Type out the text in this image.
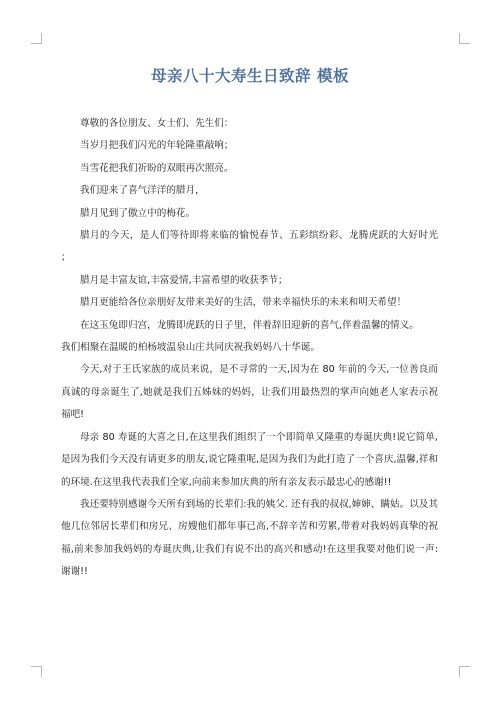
母亲八十大寿生日致辞 模板

尊敬的各位朋友、女士们、先生们：

当岁月把我们闪光的年轮隆重敲响；

当雪花把我们祈盼的双眼再次照亮。

我们迎来了喜气洋洋的腊月，

腊月见到了傲立中的梅花。

腊月的今天，是人们等待即将来临的愉悦春节、五彩缤纷彩、龙腾虎跃的大好时光 ；

腊月是丰富友谊,丰富爱情,丰富希望的收获季节；

腊月更能给各位亲朋好友带来美好的生活，带来幸福快乐的未来和明天希望！

在这玉兔即归宫，龙腾即虎跃的日子里，伴着辞旧迎新的喜气,伴着温馨的情义。

我们相聚在温暖的柏杨坡温泉山庄共同庆祝我妈妈八十华诞。

今天,对于王氏家族的成员来说，是不寻常的一天,因为在 80 年前的今天,一位善良而真诚的母亲诞生了,她就是我们五姊妹的妈妈，让我们用最热烈的掌声向她老人家表示祝福吧!

母亲 80 寿诞的大喜之日,在这里我们组织了一个即简单又隆重的寿诞庆典!说它简单,是因为我们今天没有请更多的朋友,说它隆重呢,是因为我们为此打造了一个喜庆,温馨,祥和的环境.在这里我代表我们全家,向前来参加庆典的所有亲友表示最忠心的感谢!!

我还要特别感谢今天所有到场的长辈们:我的姨父. 还有我的叔叔,婶婶、瞒姑。以及其他几位邻居长辈们和房兄、房嫂他们都年事已高,不辞辛苦和劳累,带着对我妈妈真挚的祝福,前来参加我妈妈的寿诞庆典,让我们有说不出的高兴和感动!在这里我要对他们说一声:谢谢!!
